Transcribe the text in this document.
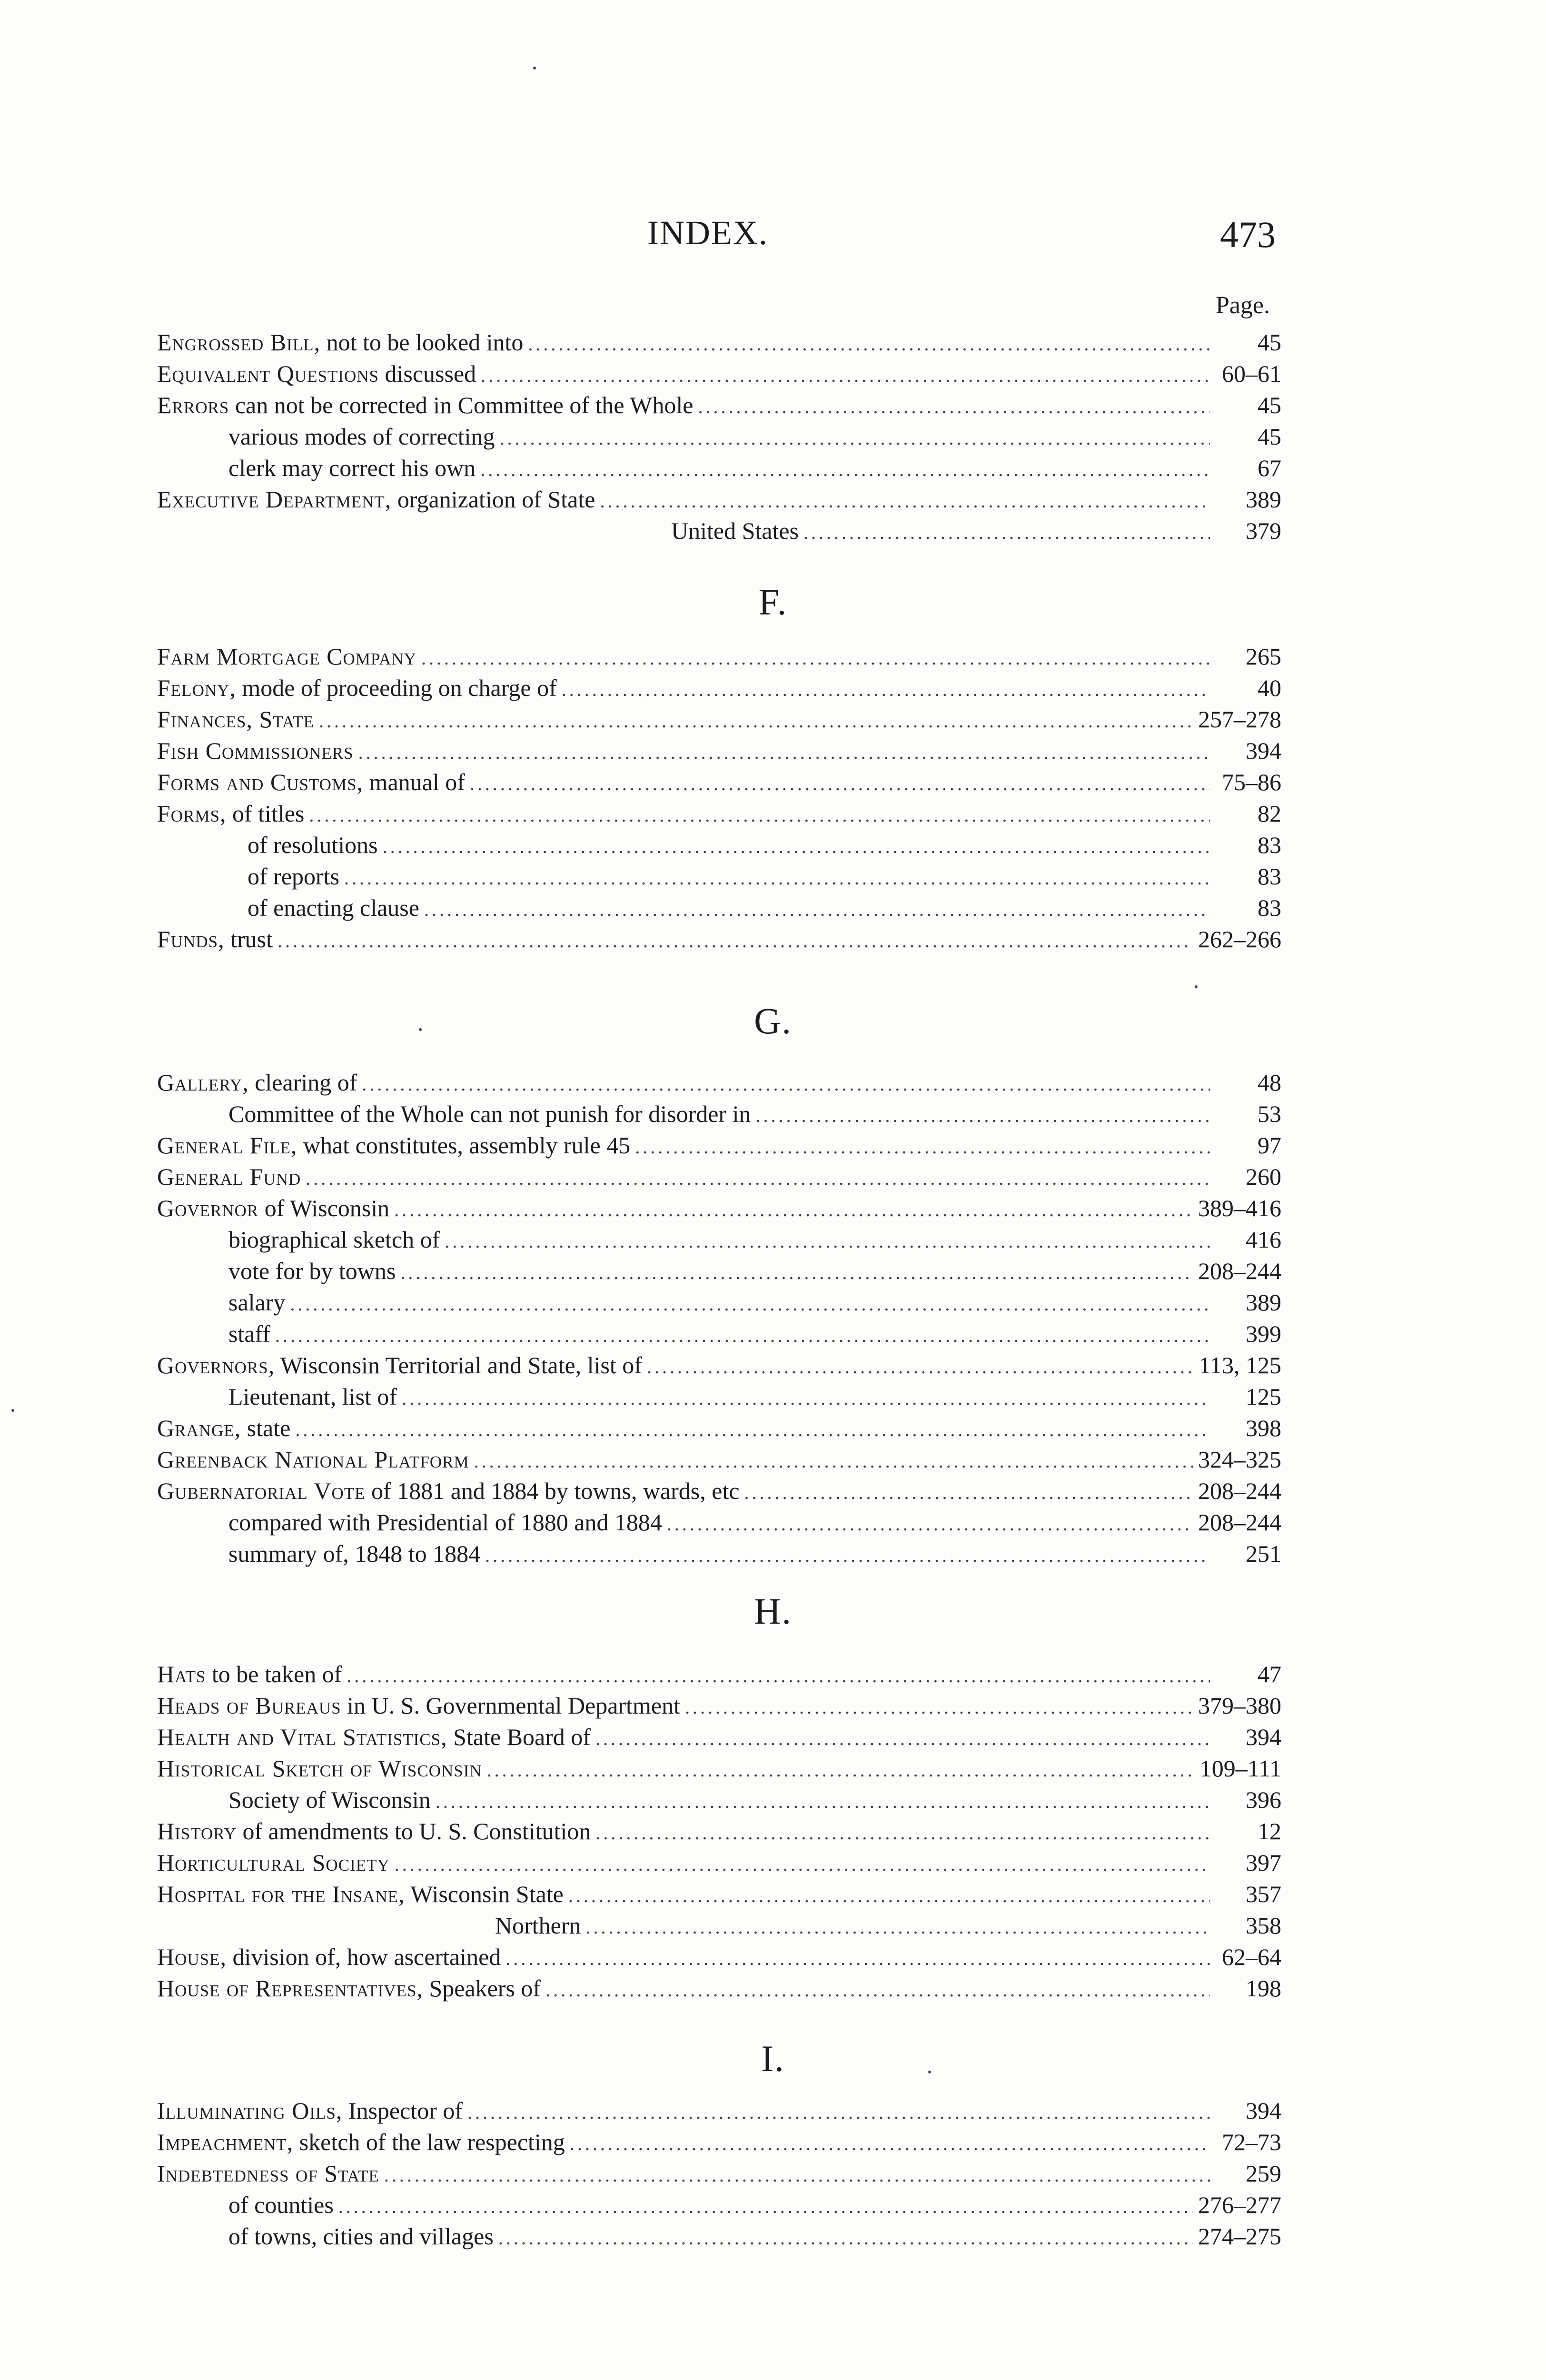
INDEX.	473
Page.
Engrossed Bill, not to be looked into .....	45
Equivalent Questions discussed .....	60–61
Errors can not be corrected in Committee of the Whole .....	45
various modes of correcting .....	45
clerk may correct his own .....	67
Executive Department, organization of State .....	389
United States .....	379
F.
Farm Mortgage Company .....	265
Felony, mode of proceeding on charge of .....	40
Finances, State .....	257–278
Fish Commissioners .....	394
Forms and Customs, manual of .....	75–86
Forms, of titles .....	82
of resolutions .....	83
of reports .....	83
of enacting clause .....	83
Funds, trust .....	262–266
G.
Gallery, clearing of .....	48
Committee of the Whole can not punish for disorder in .....	53
General File, what constitutes, assembly rule 45 .....	97
General Fund .....	260
Governor of Wisconsin .....	389–416
biographical sketch of .....	416
vote for by towns .....	208–244
salary .....	389
staff .....	399
Governors, Wisconsin Territorial and State, list of .....	113, 125
Lieutenant, list of .....	125
Grange, state .....	398
Greenback National Platform .....	324–325
Gubernatorial Vote of 1881 and 1884 by towns, wards, etc .....	208–244
compared with Presidential of 1880 and 1884 .....	208–244
summary of, 1848 to 1884 .....	251
H.
Hats to be taken of .....	47
Heads of Bureaus in U. S. Governmental Department .....	379–380
Health and Vital Statistics, State Board of .....	394
Historical Sketch of Wisconsin .....	109–111
Society of Wisconsin .....	396
History of amendments to U. S. Constitution .....	12
Horticultural Society .....	397
Hospital for the Insane, Wisconsin State .....	357
Northern .....	358
House, division of, how ascertained .....	62–64
House of Representatives, Speakers of .....	198
I.
Illuminating Oils, Inspector of .....	394
Impeachment, sketch of the law respecting .....	72–73
Indebtedness of State .....	259
of counties .....	276–277
of towns, cities and villages .....	274–275
